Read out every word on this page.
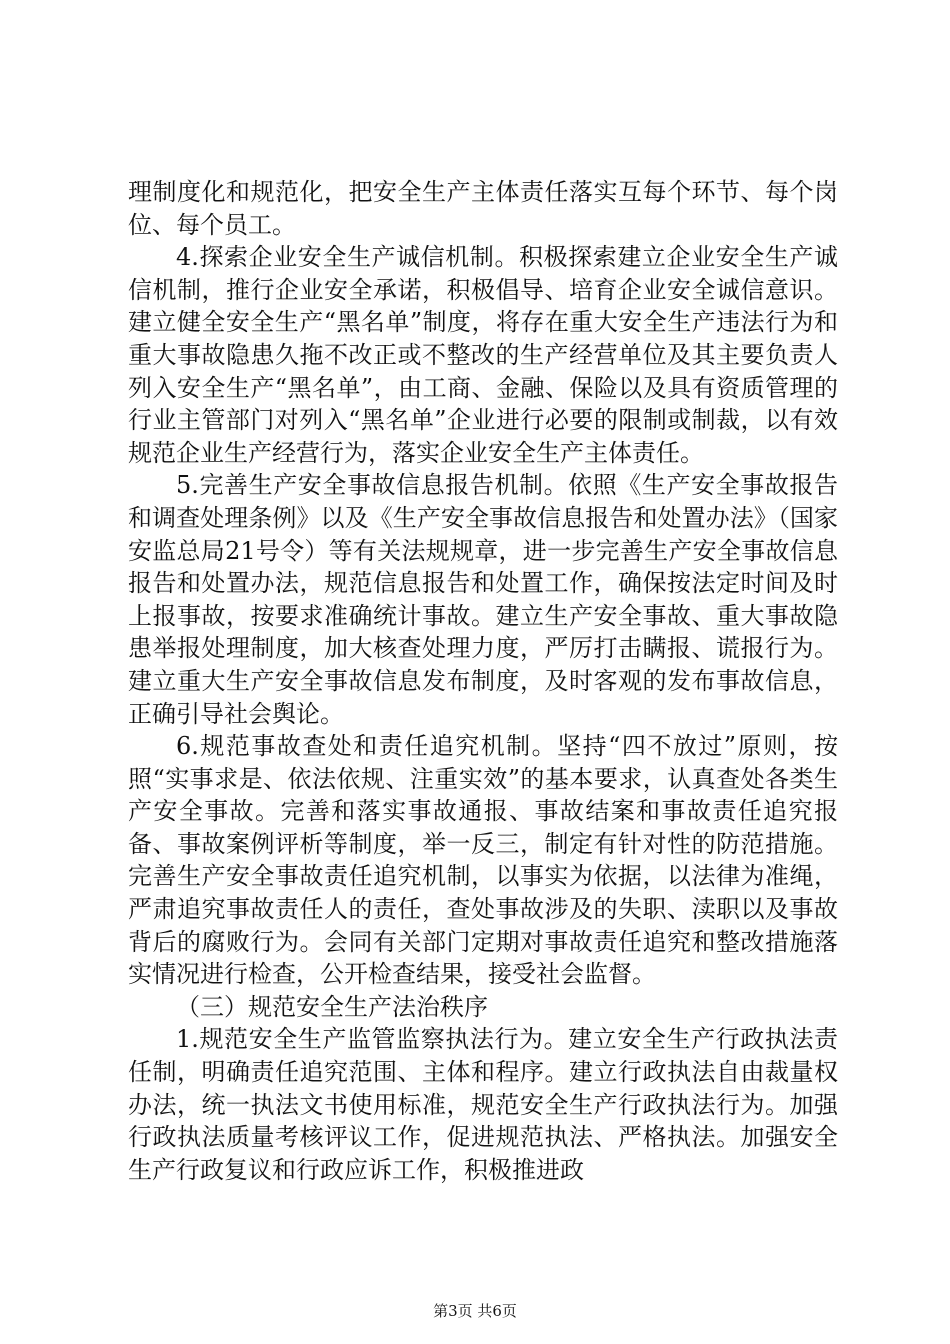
理制度化和规范化，把安全生产主体责任落实互每个环节、每个岗位、每个员工。

4.探索企业安全生产诚信机制。积极探索建立企业安全生产诚信机制，推行企业安全承诺，积极倡导、培育企业安全诚信意识。建立健全安全生产“黑名单”制度，将存在重大安全生产违法行为和重大事故隐患久拖不改正或不整改的生产经营单位及其主要负责人列入安全生产“黑名单”，由工商、金融、保险以及具有资质管理的行业主管部门对列入“黑名单”企业进行必要的限制或制裁，以有效规范企业生产经营行为，落实企业安全生产主体责任。

5.完善生产安全事故信息报告机制。依照《生产安全事故报告和调查处理条例》以及《生产安全事故信息报告和处置办法》（国家安监总局21号令）等有关法规规章，进一步完善生产安全事故信息报告和处置办法，规范信息报告和处置工作，确保按法定时间及时上报事故，按要求准确统计事故。建立生产安全事故、重大事故隐患举报处理制度，加大核查处理力度，严厉打击瞒报、谎报行为。建立重大生产安全事故信息发布制度，及时客观的发布事故信息，正确引导社会舆论。

6.规范事故查处和责任追究机制。坚持“四不放过”原则，按照“实事求是、依法依规、注重实效”的基本要求，认真查处各类生产安全事故。完善和落实事故通报、事故结案和事故责任追究报备、事故案例评析等制度，举一反三，制定有针对性的防范措施。完善生产安全事故责任追究机制，以事实为依据，以法律为准绳，严肃追究事故责任人的责任，查处事故涉及的失职、渎职以及事故背后的腐败行为。会同有关部门定期对事故责任追究和整改措施落实情况进行检查，公开检查结果，接受社会监督。

（三）规范安全生产法治秩序

1.规范安全生产监管监察执法行为。建立安全生产行政执法责任制，明确责任追究范围、主体和程序。建立行政执法自由裁量权办法，统一执法文书使用标准，规范安全生产行政执法行为。加强行政执法质量考核评议工作，促进规范执法、严格执法。加强安全生产行政复议和行政应诉工作，积极推进政

第3页 共6页
